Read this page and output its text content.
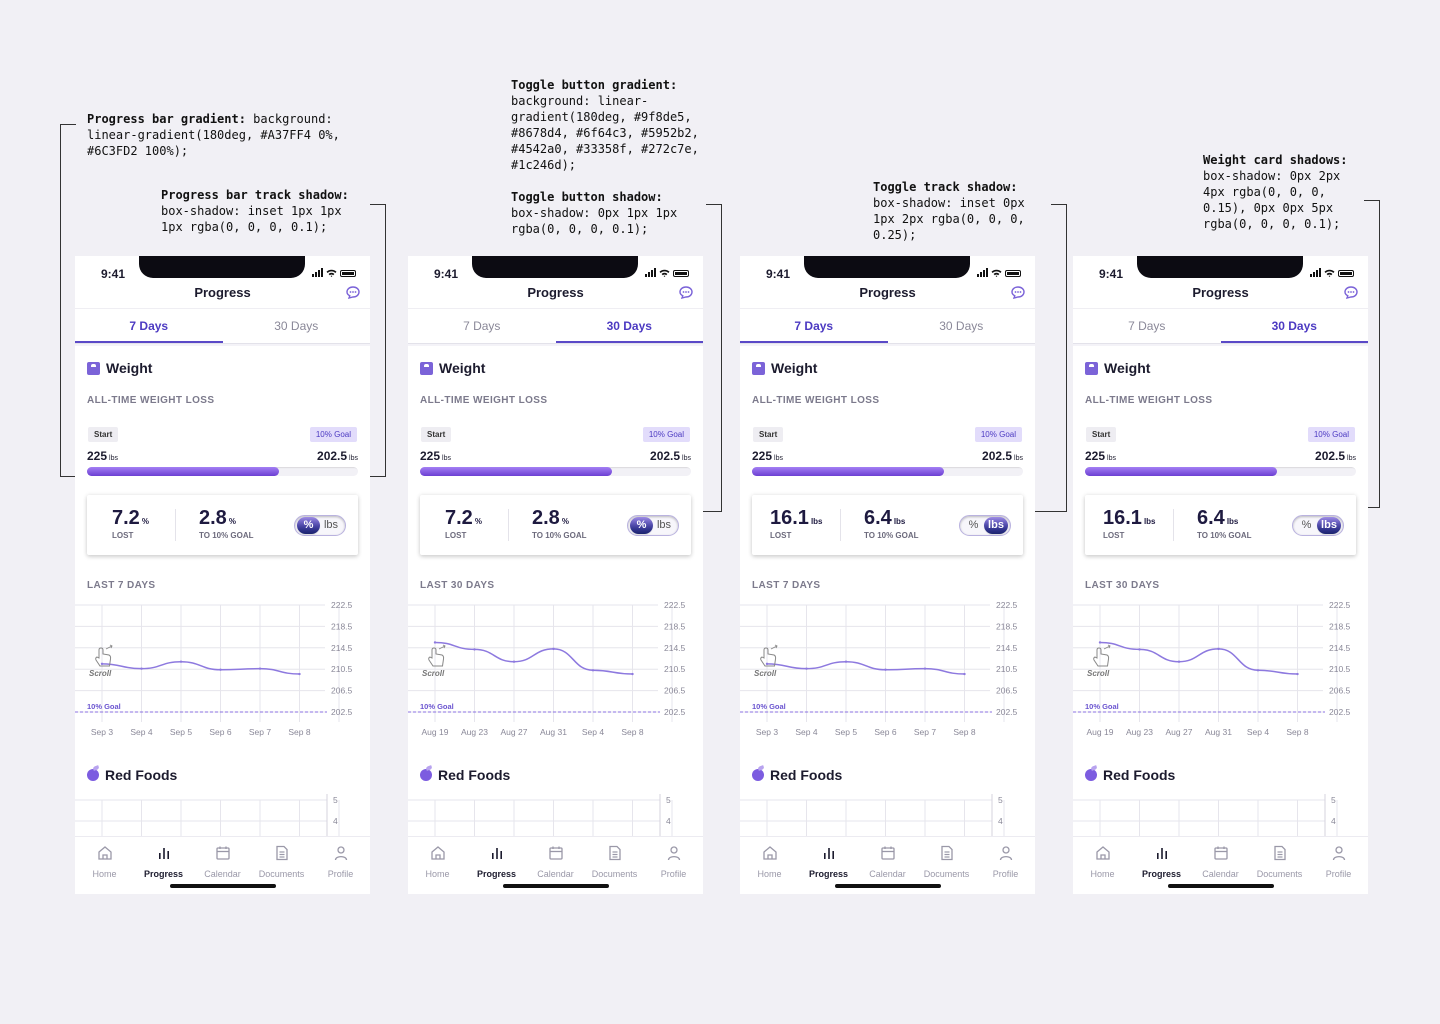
Progress bar gradient: background:
linear-gradient(180deg, #A37FF4 0%,
#6C3FD2 100%);
Progress bar track shadow:
box-shadow: inset 1px 1px
1px rgba(0, 0, 0, 0.1);
Toggle button gradient:
background: linear-
gradient(180deg, #9f8de5,
#8678d4, #6f64c3, #5952b2,
#4542a0, #33358f, #272c7e,
#1c246d);
Toggle button shadow:
box-shadow: 0px 1px 1px
rgba(0, 0, 0, 0.1);
Toggle track shadow:
box-shadow: inset 0px
1px 2px rgba(0, 0, 0,
0.25);
Weight card shadows:
box-shadow: 0px 2px
4px rgba(0, 0, 0,
0.15), 0px 0px 5px
rgba(0, 0, 0, 0.1);
9:41
Progress
7 Days	30 Days
Weight
ALL-TIME WEIGHT LOSS
Start	10% Goal
225 lbs	202.5 lbs
7.2 %
LOST
2.8 %
TO 10% GOAL
% lbs
LAST 7 DAYS
222.5
218.5
214.5
210.5
206.5
202.5
10% Goal
Sep 3 Sep 4 Sep 5 Sep 6 Sep 7 Sep 8
Scroll
Red Foods
5
4
Home	Progress	Calendar	Documents	Profile
9:41
Progress
7 Days	30 Days
Weight
ALL-TIME WEIGHT LOSS
Start	10% Goal
225 lbs	202.5 lbs
7.2 %
LOST
2.8 %
TO 10% GOAL
% lbs
LAST 30 DAYS
222.5
218.5
214.5
210.5
206.5
202.5
10% Goal
Aug 19 Aug 23 Aug 27 Aug 31 Sep 4 Sep 8
Scroll
Red Foods
5
4
Home	Progress	Calendar	Documents	Profile
9:41
Progress
7 Days	30 Days
Weight
ALL-TIME WEIGHT LOSS
Start	10% Goal
225 lbs	202.5 lbs
16.1 lbs
LOST
6.4 lbs
TO 10% GOAL
% lbs
LAST 7 DAYS
222.5
218.5
214.5
210.5
206.5
202.5
10% Goal
Sep 3 Sep 4 Sep 5 Sep 6 Sep 7 Sep 8
Scroll
Red Foods
5
4
Home	Progress	Calendar	Documents	Profile
9:41
Progress
7 Days	30 Days
Weight
ALL-TIME WEIGHT LOSS
Start	10% Goal
225 lbs	202.5 lbs
16.1 lbs
LOST
6.4 lbs
TO 10% GOAL
% lbs
LAST 30 DAYS
222.5
218.5
214.5
210.5
206.5
202.5
10% Goal
Aug 19 Aug 23 Aug 27 Aug 31 Sep 4 Sep 8
Scroll
Red Foods
5
4
Home	Progress	Calendar	Documents	Profile
